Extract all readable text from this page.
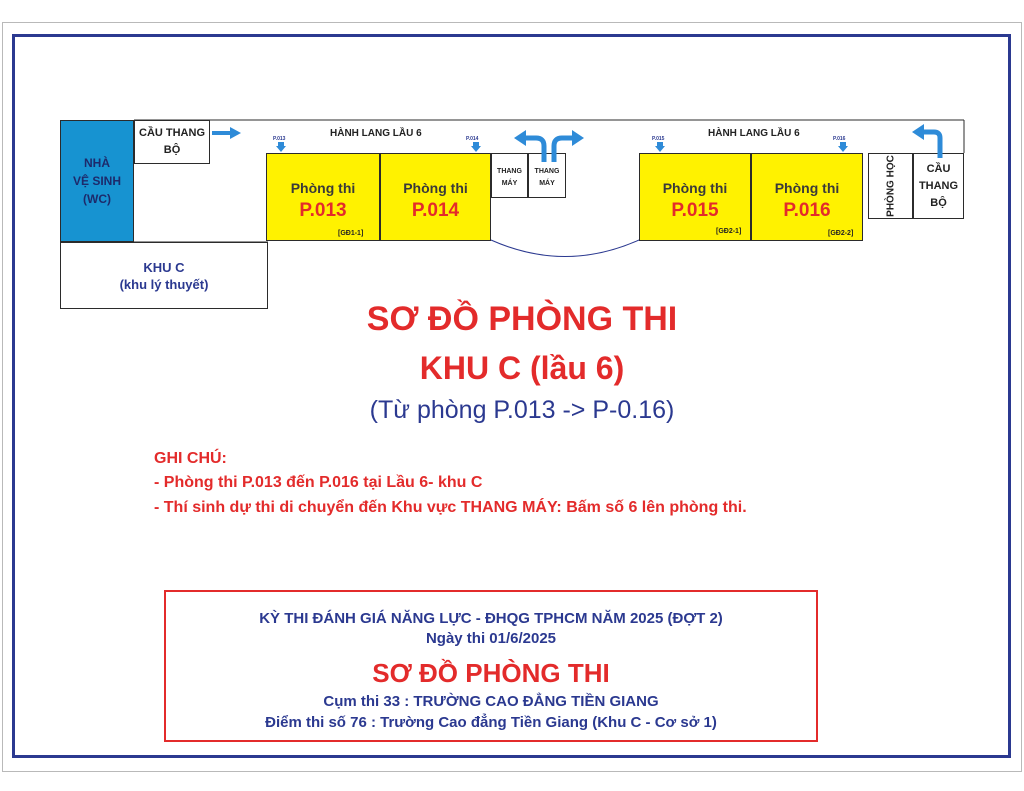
NHÀ
VỆ SINH
(WC)
CẦU THANG
BỘ
HÀNH LANG LẦU 6	HÀNH LANG LẦU 6
P.013	P.014	P.015	P.016
Phòng thi
P.013
Phòng thi
P.014
[GĐ1-1]
Phòng thi
P.015
Phòng thi
P.016
[GĐ2-1]	[GĐ2-2]
THANG
MÁY
THANG
MÁY	PHÒNG HỌC	CẦU
THANG
BỘ
KHU C
(khu lý thuyết)
SƠ ĐỒ PHÒNG THI
KHU C (lầu 6)
(Từ phòng P.013 -> P-0.16)
GHI CHÚ:
- Phòng thi P.013 đến P.016 tại Lầu 6- khu C
- Thí sinh dự thi di chuyển đến Khu vực THANG MÁY: Bấm số 6 lên phòng thi.
KỲ THI ĐÁNH GIÁ NĂNG LỰC - ĐHQG TPHCM NĂM 2025 (ĐỢT 2)
Ngày thi 01/6/2025
SƠ ĐỒ PHÒNG THI
Cụm thi 33 : TRƯỜNG CAO ĐẲNG TIỀN GIANG
Điểm thi số 76 : Trường Cao đẳng Tiền Giang (Khu C - Cơ sở 1)
